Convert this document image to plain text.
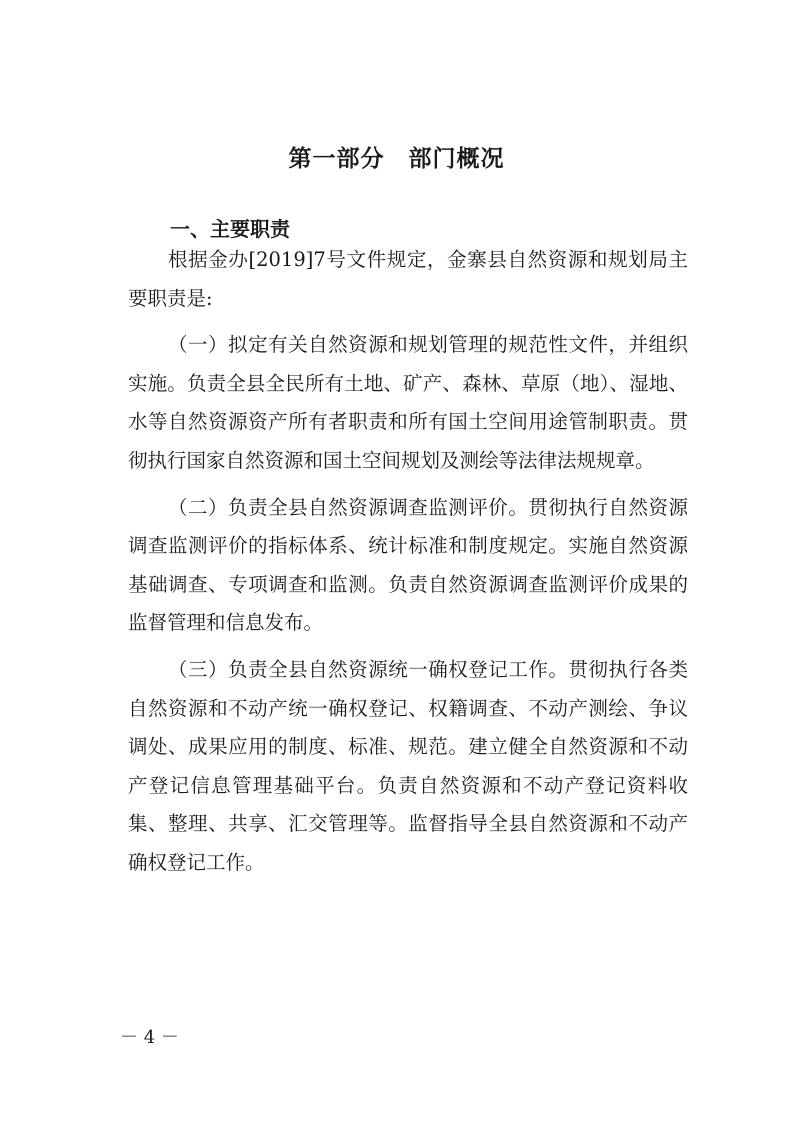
第一部分　部门概况
一、主要职责

根据金办[2019]7号文件规定，金寨县自然资源和规划局主要职责是:

（一）拟定有关自然资源和规划管理的规范性文件，并组织实施。负责全县全民所有土地、矿产、森林、草原（地）、湿地、水等自然资源资产所有者职责和所有国土空间用途管制职责。贯彻执行国家自然资源和国土空间规划及测绘等法律法规规章。

（二）负责全县自然资源调查监测评价。贯彻执行自然资源调查监测评价的指标体系、统计标准和制度规定。实施自然资源基础调查、专项调查和监测。负责自然资源调查监测评价成果的监督管理和信息发布。

（三）负责全县自然资源统一确权登记工作。贯彻执行各类自然资源和不动产统一确权登记、权籍调查、不动产测绘、争议调处、成果应用的制度、标准、规范。建立健全自然资源和不动产登记信息管理基础平台。负责自然资源和不动产登记资料收集、整理、共享、汇交管理等。监督指导全县自然资源和不动产确权登记工作。

－ 4 －
